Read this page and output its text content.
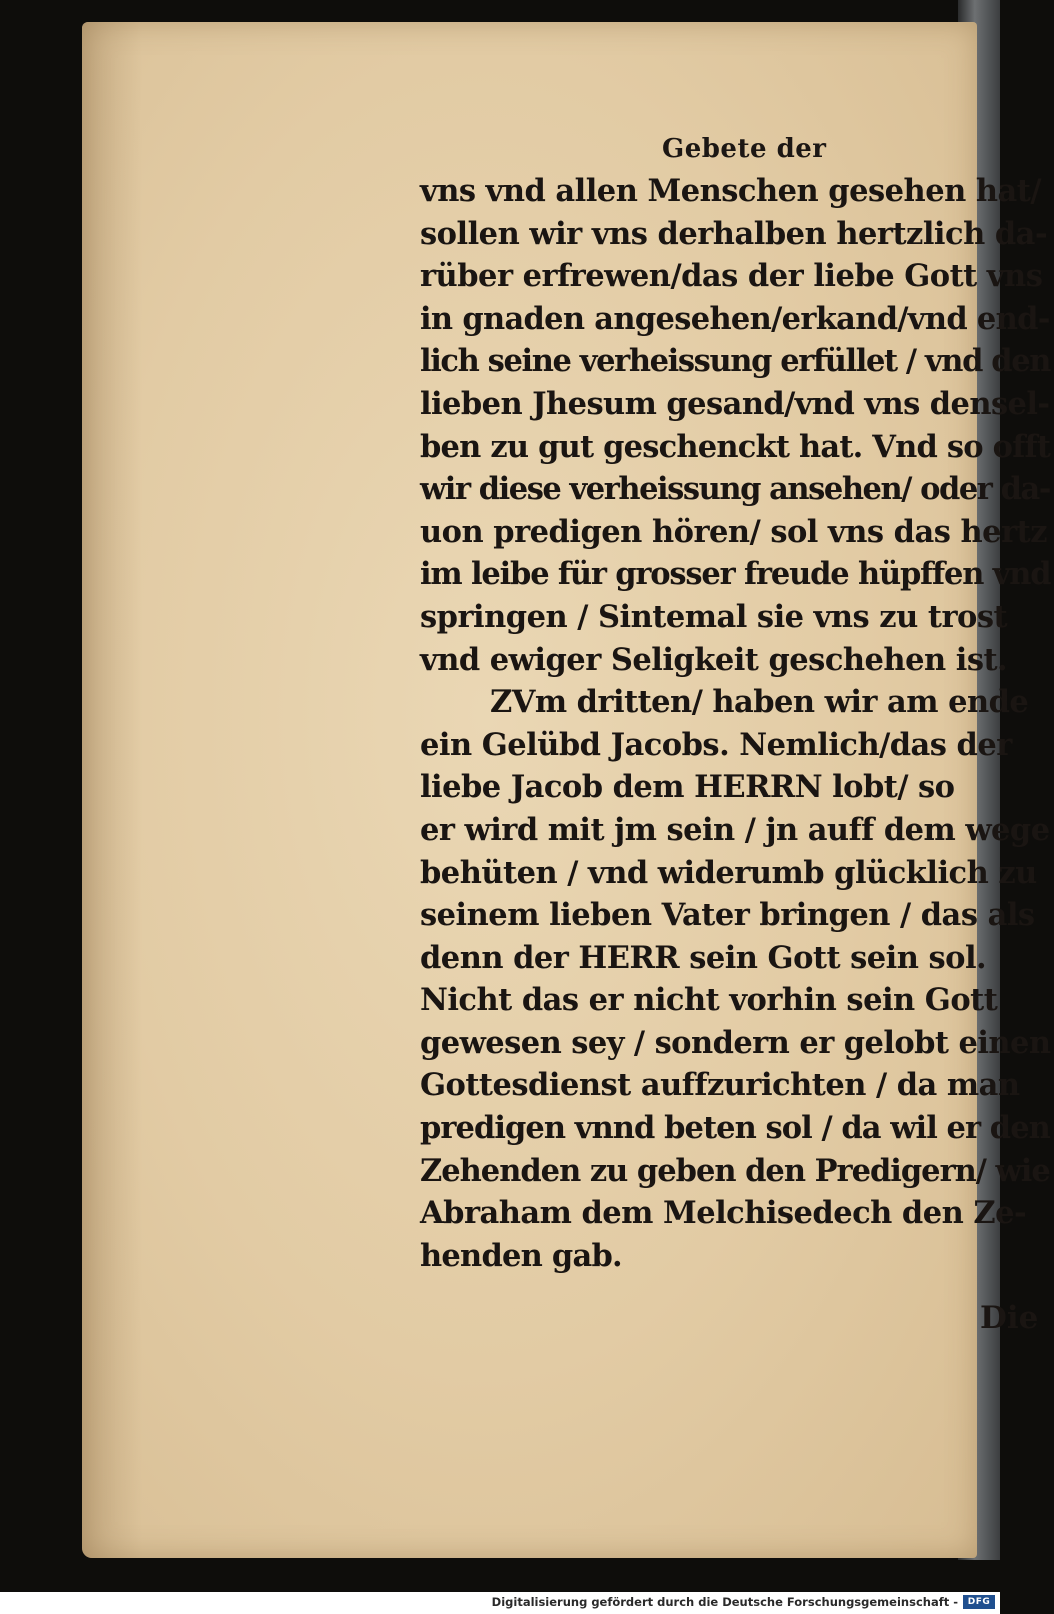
Gebete der
vns vnd allen Menschen gesehen hat/
sollen wir vns derhalben hertzlich da-
rüber erfrewen/das der liebe Gott vns
in gnaden angesehen/erkand/vnd end-
lich seine verheissung erfüllet / vnd den
lieben Jhesum gesand/vnd vns densel-
ben zu gut geschenckt hat. Vnd so offt
wir diese verheissung ansehen/ oder da-
uon predigen hören/ sol vns das hertz
im leibe für grosser freude hüpffen vnd
springen / Sintemal sie vns zu trost
vnd ewiger Seligkeit geschehen ist.
ZVm dritten/ haben wir am ende
ein Gelübd Jacobs. Nemlich/das der
liebe Jacob dem HERRN lobt/ so
er wird mit jm sein / jn auff dem wege
behüten / vnd widerumb glücklich zu
seinem lieben Vater bringen / das als
denn der HERR sein Gott sein sol.
Nicht das er nicht vorhin sein Gott
gewesen sey / sondern er gelobt einen
Gottesdienst auffzurichten / da man
predigen vnnd beten sol / da wil er den
Zehenden zu geben den Predigern/ wie
Abraham dem Melchisedech den Ze-
henden gab.
Die
Digitalisierung gefördert durch die Deutsche Forschungsgemeinschaft -	DFG
